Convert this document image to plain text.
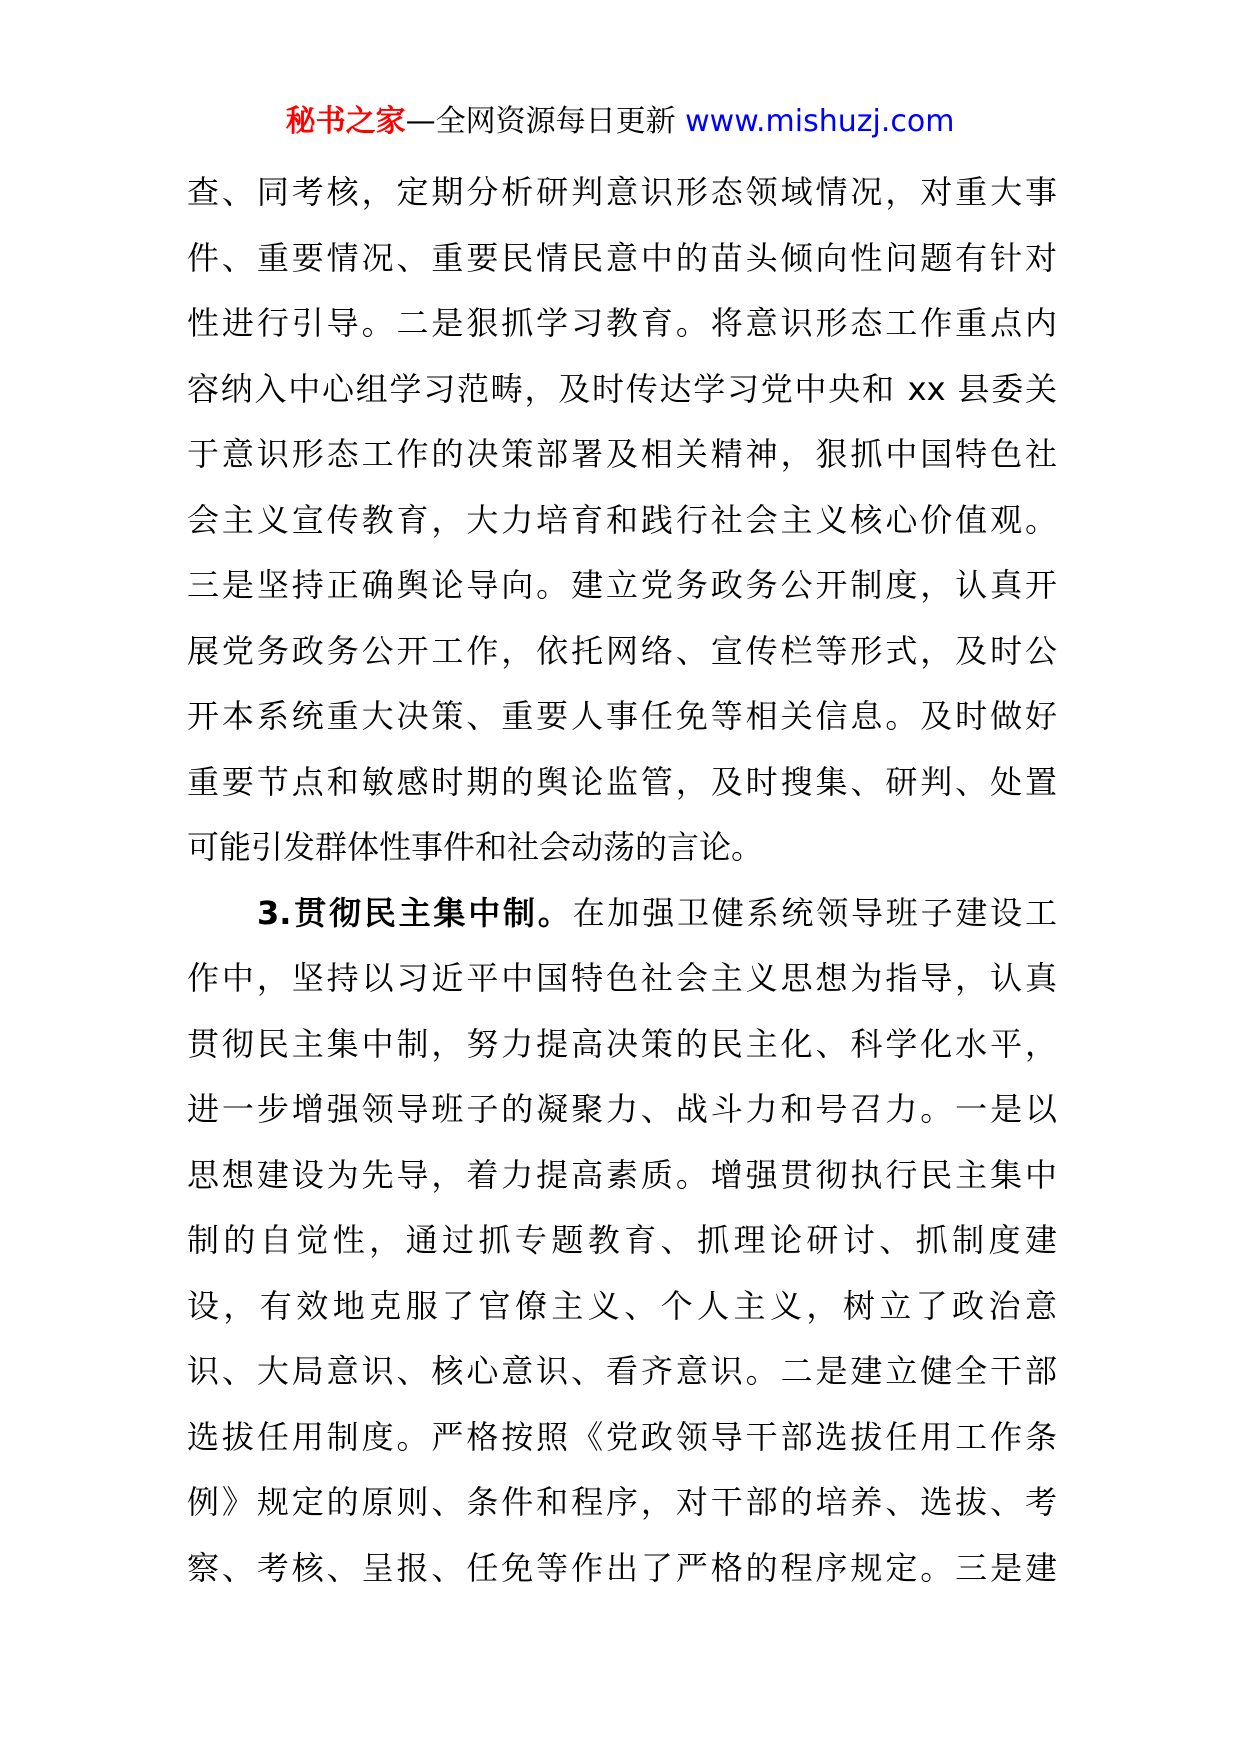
秘书之家—全网资源每日更新 www.mishuzj.com
查、同考核，定期分析研判意识形态领域情况，对重大事
件、重要情况、重要民情民意中的苗头倾向性问题有针对
性进行引导。二是狠抓学习教育。将意识形态工作重点内
容纳入中心组学习范畴，及时传达学习党中央和 xx 县委关
于意识形态工作的决策部署及相关精神，狠抓中国特色社
会主义宣传教育，大力培育和践行社会主义核心价值观。
三是坚持正确舆论导向。建立党务政务公开制度，认真开
展党务政务公开工作，依托网络、宣传栏等形式，及时公
开本系统重大决策、重要人事任免等相关信息。及时做好
重要节点和敏感时期的舆论监管，及时搜集、研判、处置
可能引发群体性事件和社会动荡的言论。
3.贯彻民主集中制。在加强卫健系统领导班子建设工
作中，坚持以习近平中国特色社会主义思想为指导，认真
贯彻民主集中制，努力提高决策的民主化、科学化水平，
进一步增强领导班子的凝聚力、战斗力和号召力。一是以
思想建设为先导，着力提高素质。增强贯彻执行民主集中
制的自觉性，通过抓专题教育、抓理论研讨、抓制度建
设，有效地克服了官僚主义、个人主义，树立了政治意
识、大局意识、核心意识、看齐意识。二是建立健全干部
选拔任用制度。严格按照《党政领导干部选拔任用工作条
例》规定的原则、条件和程序，对干部的培养、选拔、考
察、考核、呈报、任免等作出了严格的程序规定。三是建
